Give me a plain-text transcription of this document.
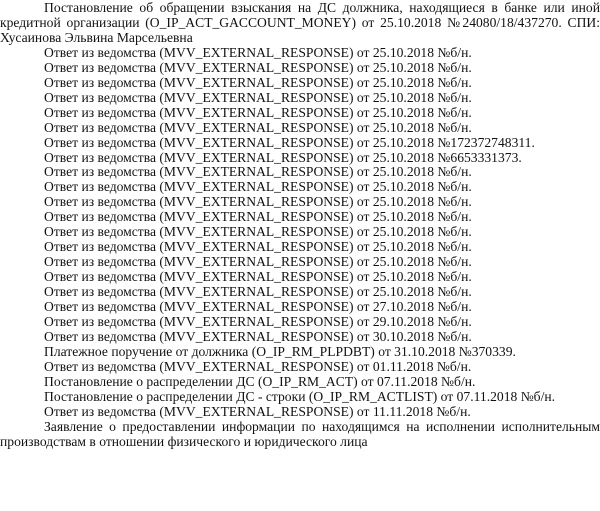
Постановление об обращении взыскания на ДС должника, находящиеся в банке или иной кредитной организации (O_IP_ACT_GACCOUNT_MONEY) от 25.10.2018 №24080/18/437270. СПИ: Хусаинова Эльвина Марсельевна

Ответ из ведомства (MVV_EXTERNAL_RESPONSE) от 25.10.2018 №б/н.

Ответ из ведомства (MVV_EXTERNAL_RESPONSE) от 25.10.2018 №б/н.

Ответ из ведомства (MVV_EXTERNAL_RESPONSE) от 25.10.2018 №б/н.

Ответ из ведомства (MVV_EXTERNAL_RESPONSE) от 25.10.2018 №б/н.

Ответ из ведомства (MVV_EXTERNAL_RESPONSE) от 25.10.2018 №б/н.

Ответ из ведомства (MVV_EXTERNAL_RESPONSE) от 25.10.2018 №б/н.

Ответ из ведомства (MVV_EXTERNAL_RESPONSE) от 25.10.2018 №172372748311.

Ответ из ведомства (MVV_EXTERNAL_RESPONSE) от 25.10.2018 №6653331373.

Ответ из ведомства (MVV_EXTERNAL_RESPONSE) от 25.10.2018 №б/н.

Ответ из ведомства (MVV_EXTERNAL_RESPONSE) от 25.10.2018 №б/н.

Ответ из ведомства (MVV_EXTERNAL_RESPONSE) от 25.10.2018 №б/н.

Ответ из ведомства (MVV_EXTERNAL_RESPONSE) от 25.10.2018 №б/н.

Ответ из ведомства (MVV_EXTERNAL_RESPONSE) от 25.10.2018 №б/н.

Ответ из ведомства (MVV_EXTERNAL_RESPONSE) от 25.10.2018 №б/н.

Ответ из ведомства (MVV_EXTERNAL_RESPONSE) от 25.10.2018 №б/н.

Ответ из ведомства (MVV_EXTERNAL_RESPONSE) от 25.10.2018 №б/н.

Ответ из ведомства (MVV_EXTERNAL_RESPONSE) от 25.10.2018 №б/н.

Ответ из ведомства (MVV_EXTERNAL_RESPONSE) от 27.10.2018 №б/н.

Ответ из ведомства (MVV_EXTERNAL_RESPONSE) от 29.10.2018 №б/н.

Ответ из ведомства (MVV_EXTERNAL_RESPONSE) от 30.10.2018 №б/н.

Платежное поручение от должника (O_IP_RM_PLPDBT) от 31.10.2018 №370339.

Ответ из ведомства (MVV_EXTERNAL_RESPONSE) от 01.11.2018 №б/н.

Постановление о распределении ДС (O_IP_RM_ACT) от 07.11.2018 №б/н.

Постановление о распределении ДС - строки (O_IP_RM_ACTLIST) от 07.11.2018 №б/н.

Ответ из ведомства (MVV_EXTERNAL_RESPONSE) от 11.11.2018 №б/н.

Заявление о предоставлении информации по находящимся на исполнении исполнительным производствам в отношении физического и юридического лица
